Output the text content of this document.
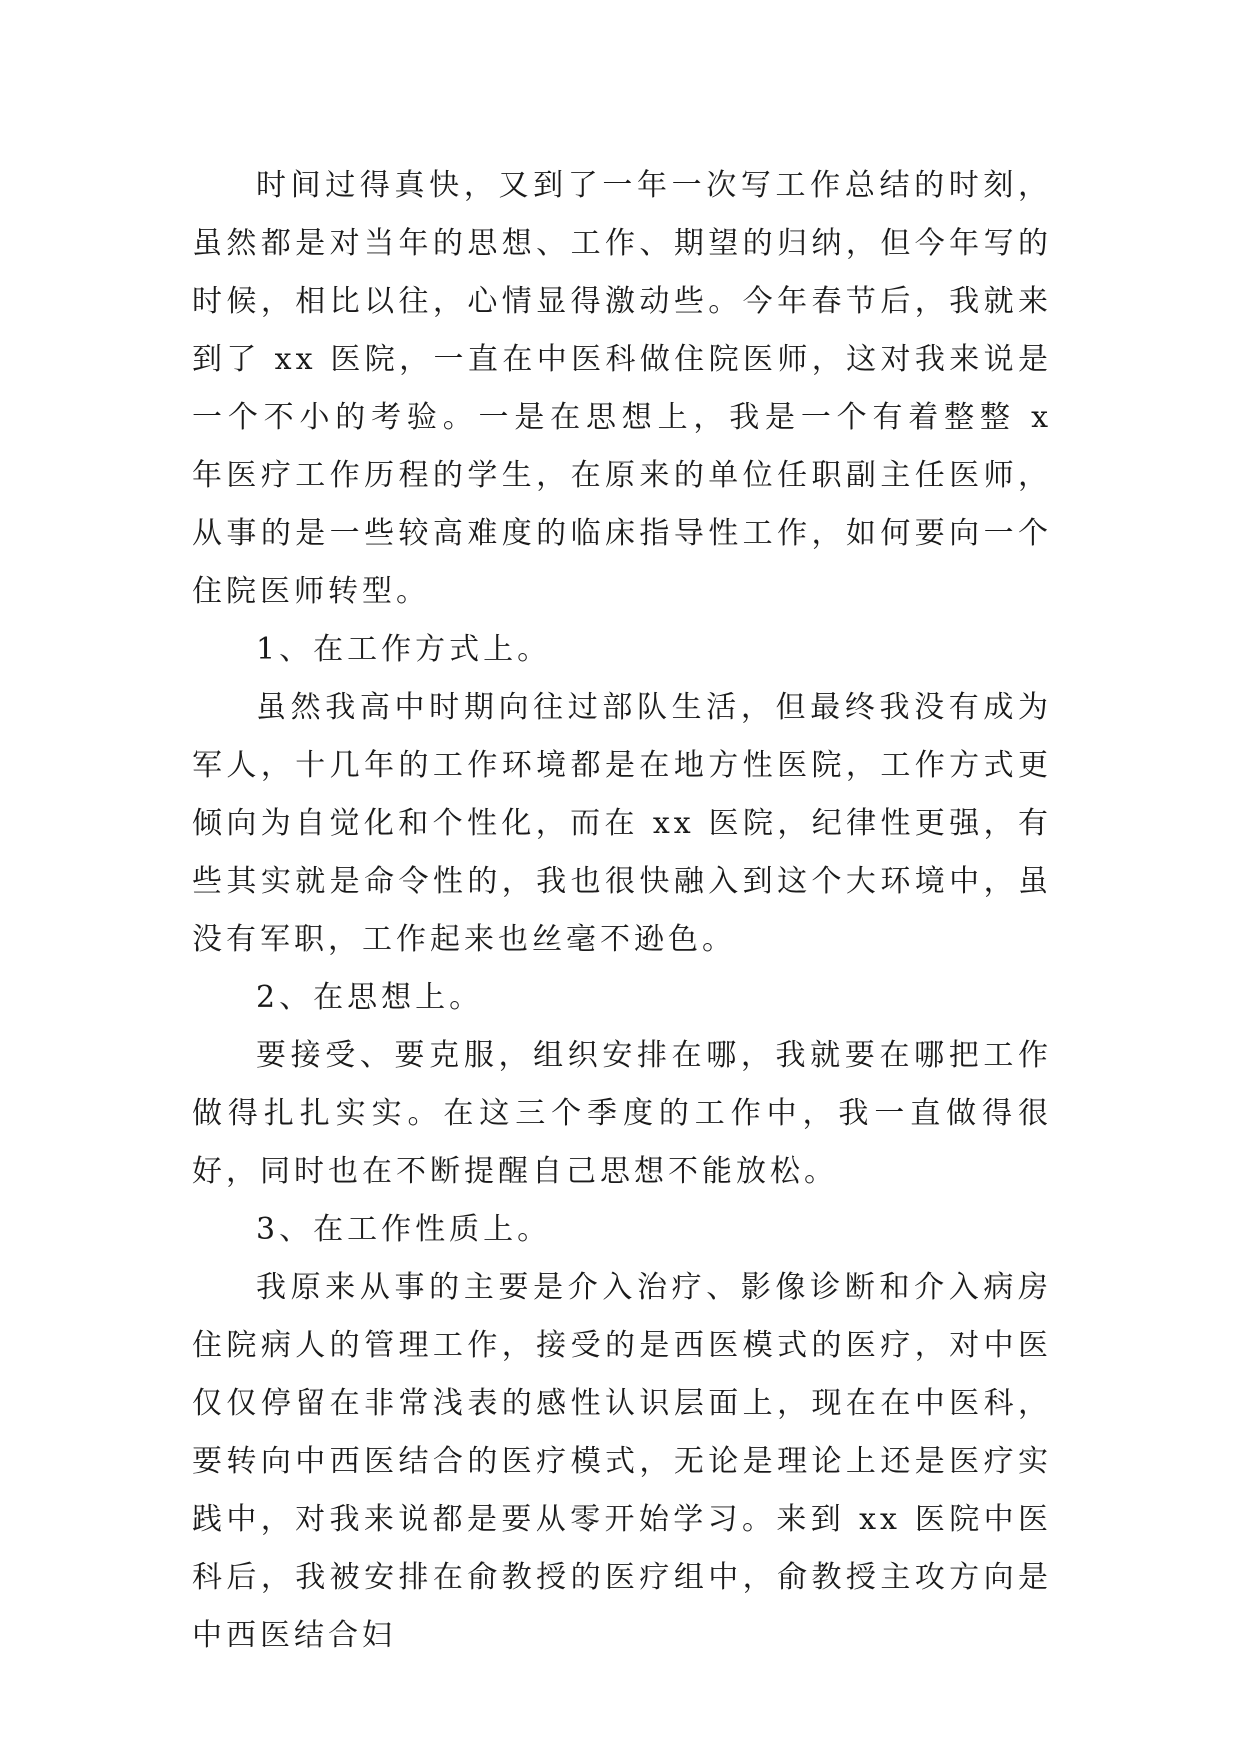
时间过得真快，又到了一年一次写工作总结的时刻，虽然都是对当年的思想、工作、期望的归纳，但今年写的时候，相比以往，心情显得激动些。今年春节后，我就来到了 xx 医院，一直在中医科做住院医师，这对我来说是一个不小的考验。一是在思想上，我是一个有着整整 x 年医疗工作历程的学生，在原来的单位任职副主任医师，从事的是一些较高难度的临床指导性工作，如何要向一个住院医师转型。

1、在工作方式上。

虽然我高中时期向往过部队生活，但最终我没有成为军人，十几年的工作环境都是在地方性医院，工作方式更倾向为自觉化和个性化，而在 xx 医院，纪律性更强，有些其实就是命令性的，我也很快融入到这个大环境中，虽没有军职，工作起来也丝毫不逊色。

2、在思想上。

要接受、要克服，组织安排在哪，我就要在哪把工作做得扎扎实实。在这三个季度的工作中，我一直做得很好，同时也在不断提醒自己思想不能放松。

3、在工作性质上。

我原来从事的主要是介入治疗、影像诊断和介入病房住院病人的管理工作，接受的是西医模式的医疗，对中医仅仅停留在非常浅表的感性认识层面上，现在在中医科，要转向中西医结合的医疗模式，无论是理论上还是医疗实践中，对我来说都是要从零开始学习。来到 xx 医院中医科后，我被安排在俞教授的医疗组中，俞教授主攻方向是中西医结合妇
